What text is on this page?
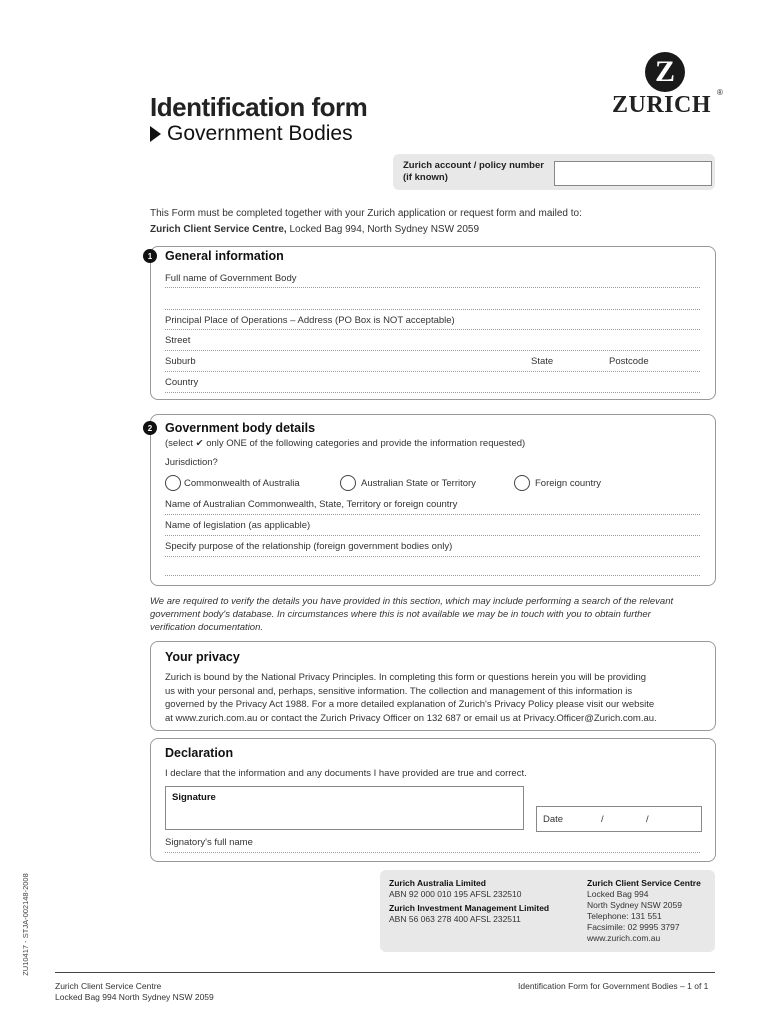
Identification form
Government Bodies
Z
ZURICH ®
Zurich account / policy number
(if known)
This Form must be completed together with your Zurich application or request form and mailed to:
Zurich Client Service Centre, Locked Bag 994, North Sydney NSW 2059
1	General information
Full name of Government Body
Principal Place of Operations – Address (PO Box is NOT acceptable)
Street
Suburb	State	Postcode
Country
2	Government body details
(select ✔ only ONE of the following categories and provide the information requested)
Jurisdiction?
Commonwealth of Australia	Australian State or Territory	Foreign country
Name of Australian Commonwealth, State, Territory or foreign country
Name of legislation (as applicable)
Specify purpose of the relationship (foreign government bodies only)
We are required to verify the details you have provided in this section, which may include performing a search of the relevant
government body's database. In circumstances where this is not available we may be in touch with you to obtain further
verification documentation.
Your privacy
Zurich is bound by the National Privacy Principles. In completing this form or questions herein you will be providing
us with your personal and, perhaps, sensitive information. The collection and management of this information is
governed by the Privacy Act 1988. For a more detailed explanation of Zurich's Privacy Policy please visit our website
at www.zurich.com.au or contact the Zurich Privacy Officer on 132 687 or email us at Privacy.Officer@Zurich.com.au.
Declaration
I declare that the information and any documents I have provided are true and correct.
Signature
Date	/	/
Signatory's full name
Zurich Australia Limited
ABN 92 000 010 195 AFSL 232510
Zurich Investment Management Limited
ABN 56 063 278 400 AFSL 232511
Zurich Client Service Centre
Locked Bag 994
North Sydney NSW 2059
Telephone: 131 551
Facsimile: 02 9995 3797
www.zurich.com.au
ZU10417 - STJA-002148-2008
Zurich Client Service Centre
Locked Bag 994 North Sydney NSW 2059
Identification Form for Government Bodies – 1 of 1
